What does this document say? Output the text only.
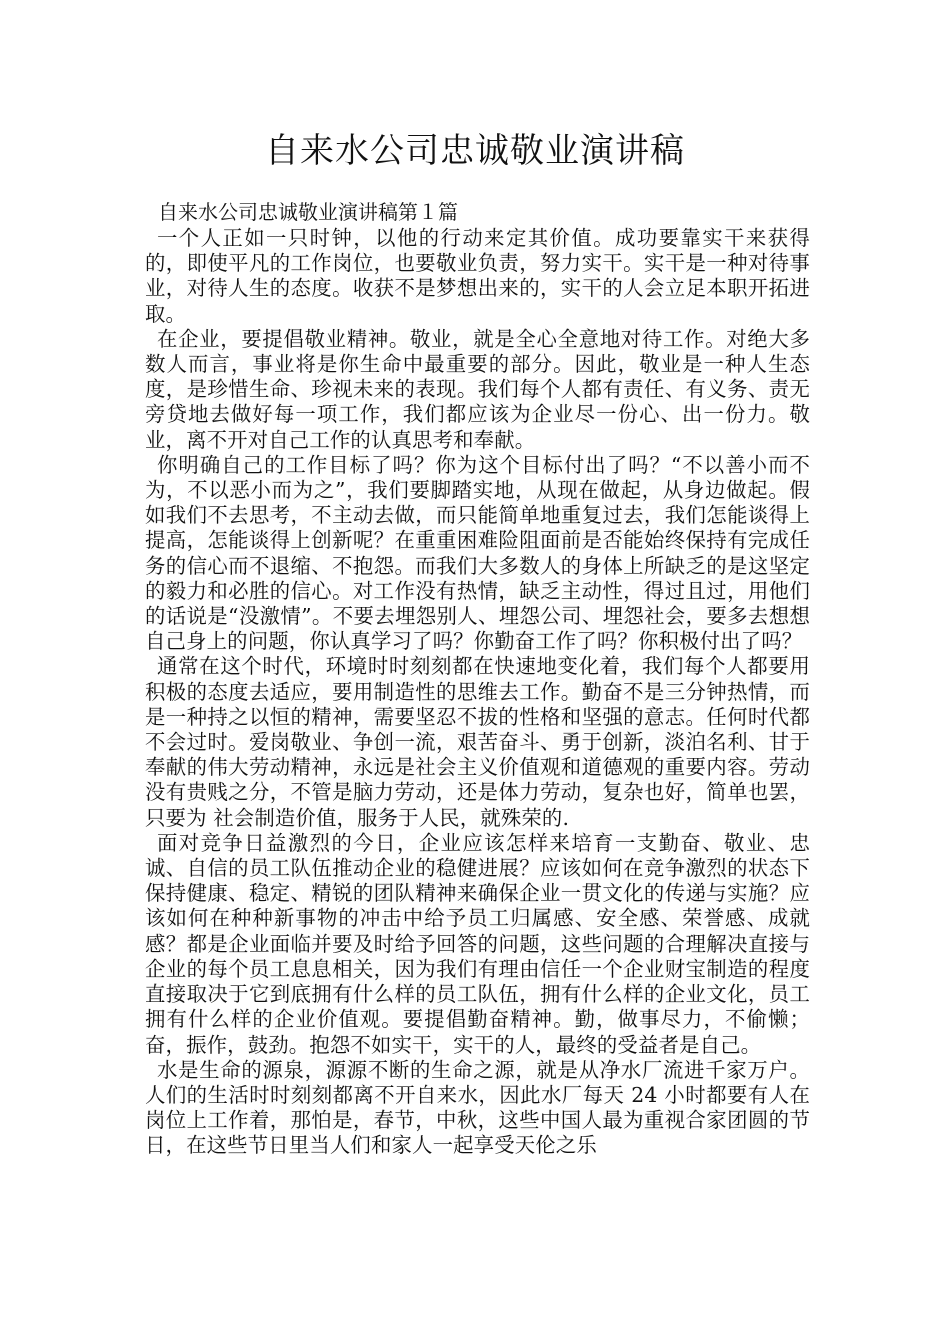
自来水公司忠诚敬业演讲稿

自来水公司忠诚敬业演讲稿第１篇

一个人正如一只时钟，以他的行动来定其价值。成功要靠实干来获得的，即使平凡的工作岗位，也要敬业负责，努力实干。实干是一种对待事业，对待人生的态度。收获不是梦想出来的，实干的人会立足本职开拓进取。

在企业，要提倡敬业精神。敬业，就是全心全意地对待工作。对绝大多数人而言，事业将是你生命中最重要的部分。因此，敬业是一种人生态度，是珍惜生命、珍视未来的表现。我们每个人都有责任、有义务、责无旁贷地去做好每一项工作，我们都应该为企业尽一份心、出一份力。敬业，离不开对自己工作的认真思考和奉献。

你明确自己的工作目标了吗？你为这个目标付出了吗？“不以善小而不为，不以恶小而为之”，我们要脚踏实地，从现在做起，从身边做起。假如我们不去思考，不主动去做，而只能简单地重复过去，我们怎能谈得上提高，怎能谈得上创新呢？在重重困难险阻面前是否能始终保持有完成任务的信心而不退缩、不抱怨。而我们大多数人的身体上所缺乏的是这坚定的毅力和必胜的信心。对工作没有热情，缺乏主动性，得过且过，用他们的话说是“没激情”。不要去埋怨别人、埋怨公司、埋怨社会，要多去想想自己身上的问题，你认真学习了吗？你勤奋工作了吗？你积极付出了吗？

通常在这个时代，环境时时刻刻都在快速地变化着，我们每个人都要用积极的态度去适应，要用制造性的思维去工作。勤奋不是三分钟热情，而是一种持之以恒的精神，需要坚忍不拔的性格和坚强的意志。任何时代都不会过时。爱岗敬业、争创一流，艰苦奋斗、勇于创新，淡泊名利、甘于奉献的伟大劳动精神，永远是社会主义价值观和道德观的重要内容。劳动没有贵贱之分，不管是脑力劳动，还是体力劳动，复杂也好，简单也罢，只要为 社会制造价值，服务于人民，就殊荣的.

面对竞争日益激烈的今日，企业应该怎样来培育一支勤奋、敬业、忠诚、自信的员工队伍推动企业的稳健进展？应该如何在竞争激烈的状态下保持健康、稳定、精锐的团队精神来确保企业一贯文化的传递与实施？应该如何在种种新事物的冲击中给予员工归属感、安全感、荣誉感、成就感？都是企业面临并要及时给予回答的问题，这些问题的合理解决直接与企业的每个员工息息相关，因为我们有理由信任一个企业财宝制造的程度直接取决于它到底拥有什么样的员工队伍，拥有什么样的企业文化，员工拥有什么样的企业价值观。要提倡勤奋精神。勤，做事尽力，不偷懒；奋，振作，鼓劲。抱怨不如实干，实干的人，最终的受益者是自己。

水是生命的源泉，源源不断的生命之源，就是从净水厂流进千家万户。人们的生活时时刻刻都离不开自来水，因此水厂每天 24 小时都要有人在岗位上工作着，那怕是，春节，中秋，这些中国人最为重视合家团圆的节日，在这些节日里当人们和家人一起享受天伦之乐
